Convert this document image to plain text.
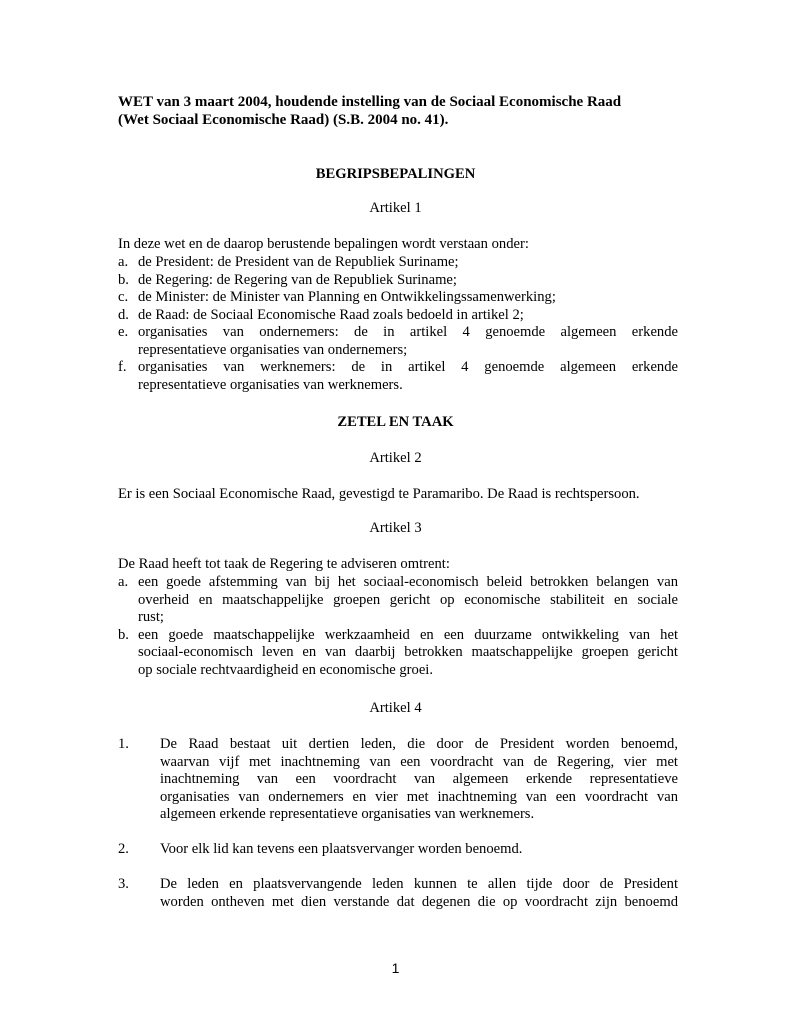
WET van 3 maart 2004, houdende instelling van de Sociaal Economische Raad
(Wet Sociaal Economische Raad) (S.B. 2004 no. 41).
BEGRIPSBEPALINGEN
Artikel 1
In deze wet en de daarop berustende bepalingen wordt verstaan onder:
a. de President: de President van de Republiek Suriname;
b. de Regering: de Regering van de Republiek Suriname;
c. de Minister: de Minister van Planning en Ontwikkelingssamenwerking;
d. de Raad: de Sociaal Economische Raad zoals bedoeld in artikel 2;
e. organisaties van ondernemers: de in artikel 4 genoemde algemeen erkende
representatieve organisaties van ondernemers;
f. organisaties van werknemers: de in artikel 4 genoemde algemeen erkende
representatieve organisaties van werknemers.
ZETEL EN TAAK
Artikel 2
Er is een Sociaal Economische Raad, gevestigd te Paramaribo. De Raad is rechtspersoon.
Artikel 3
De Raad heeft tot taak de Regering te adviseren omtrent:
a. een goede afstemming van bij het sociaal-economisch beleid betrokken belangen van
overheid en maatschappelijke groepen gericht op economische stabiliteit en sociale
rust;
b. een goede maatschappelijke werkzaamheid en een duurzame ontwikkeling van het
sociaal-economisch leven en van daarbij betrokken maatschappelijke groepen gericht
op sociale rechtvaardigheid en economische groei.
Artikel 4
1. De Raad bestaat uit dertien leden, die door de President worden benoemd,
waarvan vijf met inachtneming van een voordracht van de Regering, vier met
inachtneming van een voordracht van algemeen erkende representatieve
organisaties van ondernemers en vier met inachtneming van een voordracht van
algemeen erkende representatieve organisaties van werknemers.
2. Voor elk lid kan tevens een plaatsvervanger worden benoemd.
3. De leden en plaatsvervangende leden kunnen te allen tijde door de President
worden ontheven met dien verstande dat degenen die op voordracht zijn benoemd
1
